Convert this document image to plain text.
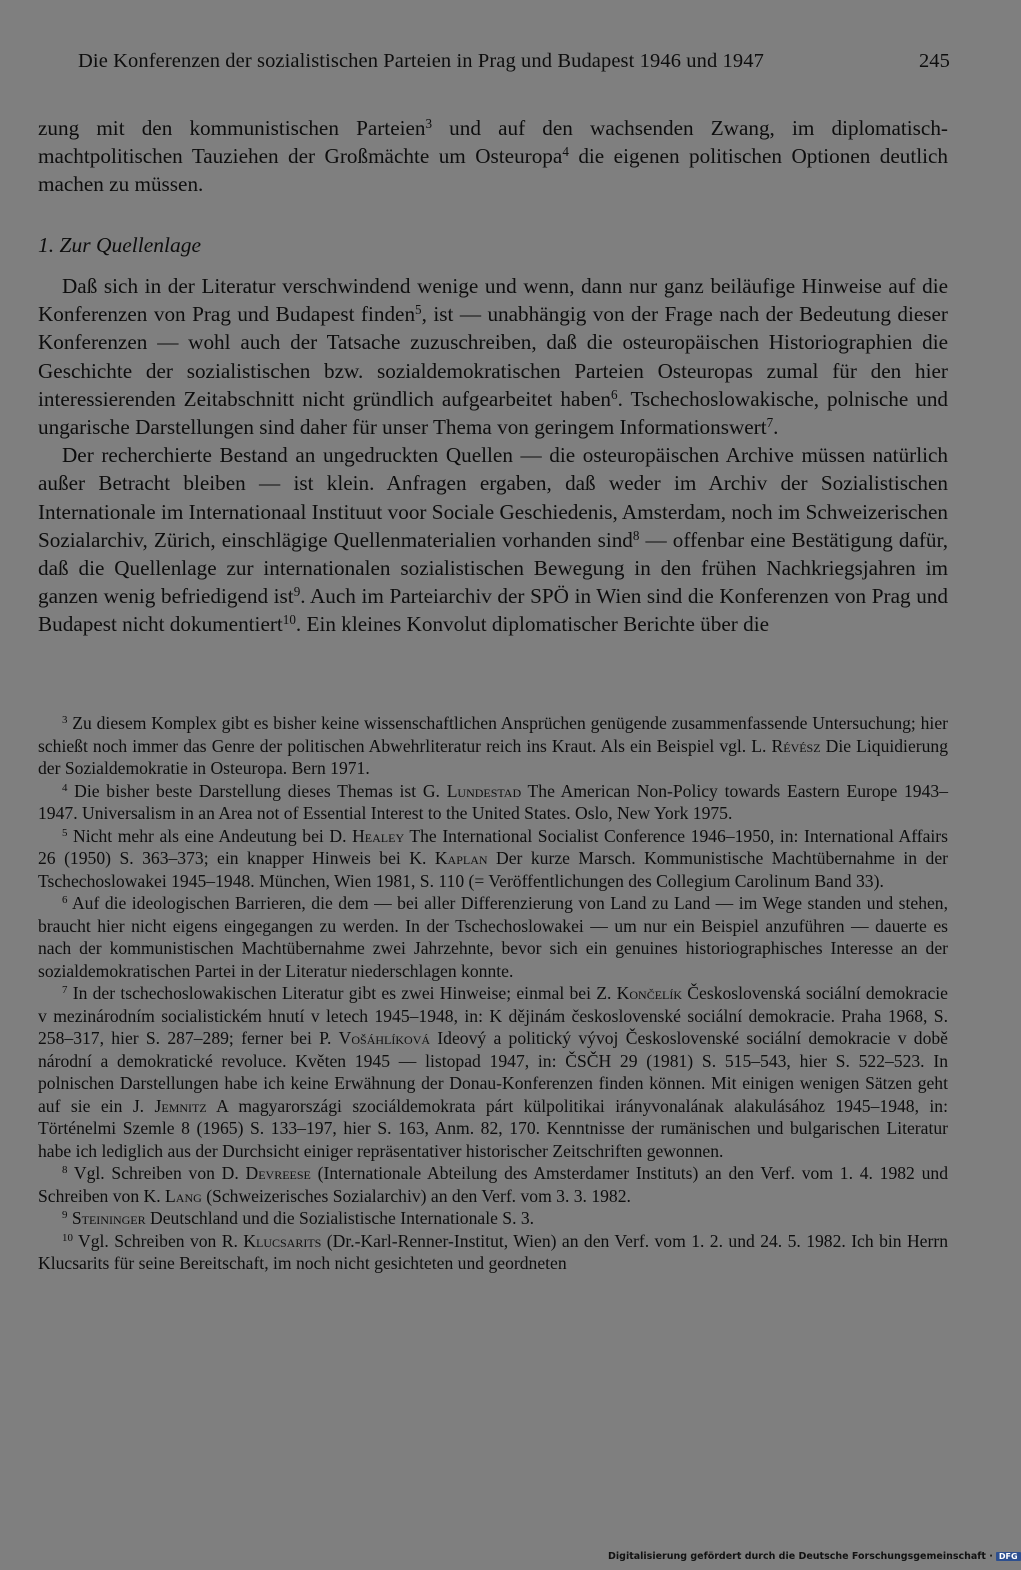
Die Konferenzen der sozialistischen Parteien in Prag und Budapest 1946 und 1947	245

zung mit den kommunistischen Parteien$^3$ und auf den wachsenden Zwang, im diplomatisch-machtpolitischen Tauziehen der Großmächte um Osteuropa$^4$ die eigenen politischen Optionen deutlich machen zu müssen.

1. Zur Quellenlage

Daß sich in der Literatur verschwindend wenige und wenn, dann nur ganz beiläufige Hinweise auf die Konferenzen von Prag und Budapest finden$^5$, ist — unabhängig von der Frage nach der Bedeutung dieser Konferenzen — wohl auch der Tatsache zuzuschreiben, daß die osteuropäischen Historiographien die Geschichte der sozialistischen bzw. sozialdemokratischen Parteien Osteuropas zumal für den hier interessierenden Zeitabschnitt nicht gründlich aufgearbeitet haben$^6$. Tschechoslowakische, polnische und ungarische Darstellungen sind daher für unser Thema von geringem Informationswert$^7$.

Der recherchierte Bestand an ungedruckten Quellen — die osteuropäischen Archive müssen natürlich außer Betracht bleiben — ist klein. Anfragen ergaben, daß weder im Archiv der Sozialistischen Internationale im Internationaal Instituut voor Sociale Geschiedenis, Amsterdam, noch im Schweizerischen Sozialarchiv, Zürich, einschlägige Quellenmaterialien vorhanden sind$^8$ — offenbar eine Bestätigung dafür, daß die Quellenlage zur internationalen sozialistischen Bewegung in den frühen Nachkriegsjahren im ganzen wenig befriedigend ist$^9$. Auch im Parteiarchiv der SPÖ in Wien sind die Konferenzen von Prag und Budapest nicht dokumentiert$^{10}$. Ein kleines Konvolut diplomatischer Berichte über die

$^3$ Zu diesem Komplex gibt es bisher keine wissenschaftlichen Ansprüchen genügende zusammenfassende Untersuchung; hier schießt noch immer das Genre der politischen Abwehrliteratur reich ins Kraut. Als ein Beispiel vgl. L. Révész Die Liquidierung der Sozialdemokratie in Osteuropa. Bern 1971.

$^4$ Die bisher beste Darstellung dieses Themas ist G. Lundestad The American Non-Policy towards Eastern Europe 1943–1947. Universalism in an Area not of Essential Interest to the United States. Oslo, New York 1975.

$^5$ Nicht mehr als eine Andeutung bei D. Healey The International Socialist Conference 1946–1950, in: International Affairs 26 (1950) S. 363–373; ein knapper Hinweis bei K. Kaplan Der kurze Marsch. Kommunistische Machtübernahme in der Tschechoslowakei 1945–1948. München, Wien 1981, S. 110 (= Veröffentlichungen des Collegium Carolinum Band 33).

$^6$ Auf die ideologischen Barrieren, die dem — bei aller Differenzierung von Land zu Land — im Wege standen und stehen, braucht hier nicht eigens eingegangen zu werden. In der Tschechoslowakei — um nur ein Beispiel anzuführen — dauerte es nach der kommunistischen Machtübernahme zwei Jahrzehnte, bevor sich ein genuines historiographisches Interesse an der sozialdemokratischen Partei in der Literatur niederschlagen konnte.

$^7$ In der tschechoslowakischen Literatur gibt es zwei Hinweise; einmal bei Z. Končelík Československá sociální demokracie v mezinárodním socialistickém hnutí v letech 1945–1948, in: K dějinám československé sociální demokracie. Praha 1968, S. 258–317, hier S. 287–289; ferner bei P. Vošáhlíková Ideový a politický vývoj Československé sociální demokracie v době národní a demokratické revoluce. Květen 1945 — listopad 1947, in: ČSČH 29 (1981) S. 515–543, hier S. 522–523. In polnischen Darstellungen habe ich keine Erwähnung der Donau-Konferenzen finden können. Mit einigen wenigen Sätzen geht auf sie ein J. Jemnitz A magyarországi szociáldemokrata párt külpolitikai irányvonalának alakulásához 1945–1948, in: Történelmi Szemle 8 (1965) S. 133–197, hier S. 163, Anm. 82, 170. Kenntnisse der rumänischen und bulgarischen Literatur habe ich lediglich aus der Durchsicht einiger repräsentativer historischer Zeitschriften gewonnen.

$^8$ Vgl. Schreiben von D. Devreese (Internationale Abteilung des Amsterdamer Instituts) an den Verf. vom 1. 4. 1982 und Schreiben von K. Lang (Schweizerisches Sozialarchiv) an den Verf. vom 3. 3. 1982.

$^9$ Steininger Deutschland und die Sozialistische Internationale S. 3.

$^{10}$ Vgl. Schreiben von R. Klucsarits (Dr.-Karl-Renner-Institut, Wien) an den Verf. vom 1. 2. und 24. 5. 1982. Ich bin Herrn Klucsarits für seine Bereitschaft, im noch nicht gesichteten und geordneten

Digitalisierung gefördert durch die Deutsche Forschungsgemeinschaft · DFG
